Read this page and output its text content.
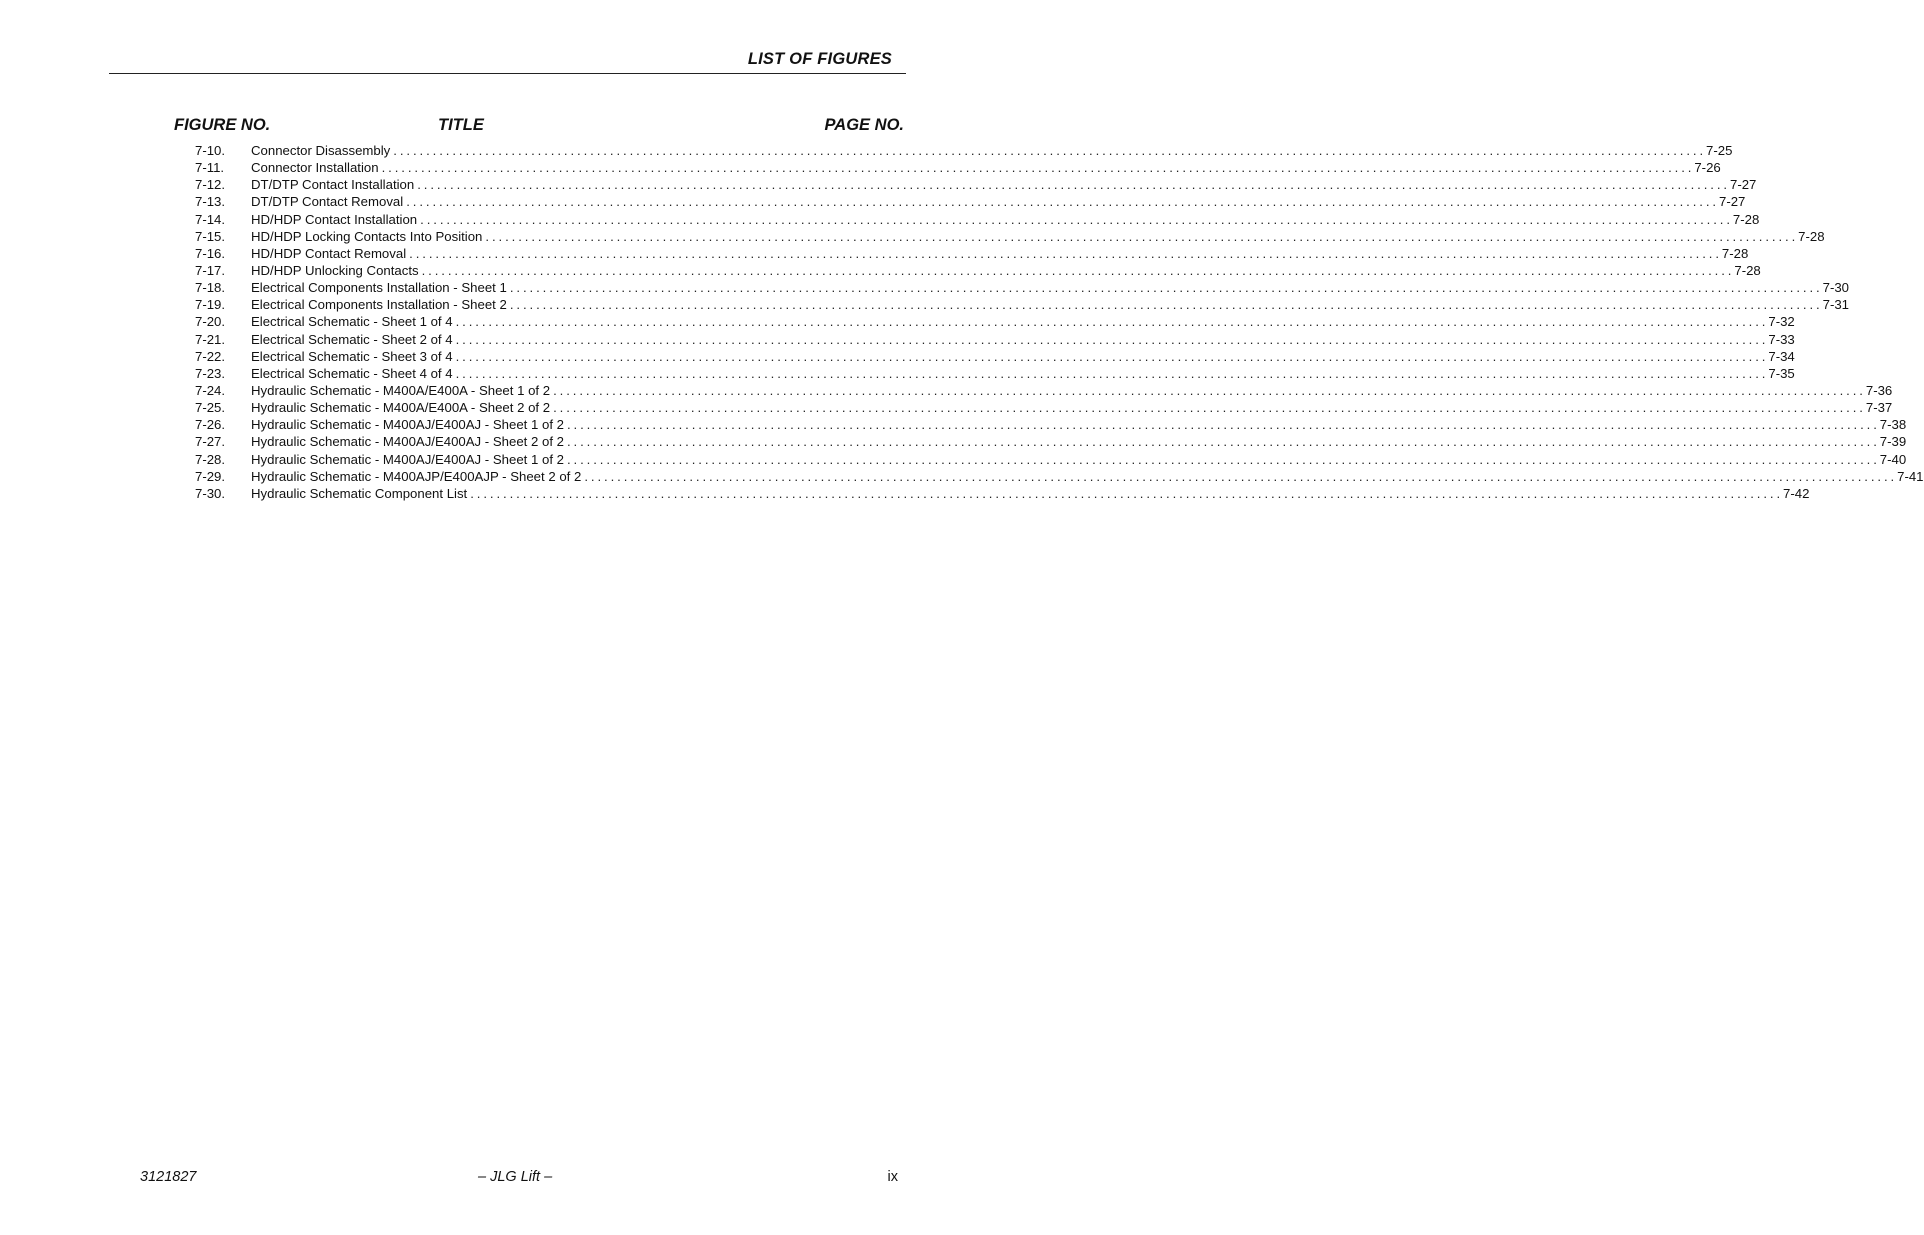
LIST OF FIGURES
FIGURE NO.	TITLE	PAGE NO.
7-10.	Connector Disassembly ........................................................................................................................................................................................................ 7-25
7-11.	Connector Installation ........................................................................................................................................................................................................ 7-26
7-12.	DT/DTP Contact Installation ........................................................................................................................................................................................................ 7-27
7-13.	DT/DTP Contact Removal ........................................................................................................................................................................................................ 7-27
7-14.	HD/HDP Contact Installation ........................................................................................................................................................................................................ 7-28
7-15.	HD/HDP Locking Contacts Into Position ........................................................................................................................................................................................................ 7-28
7-16.	HD/HDP Contact Removal ........................................................................................................................................................................................................ 7-28
7-17.	HD/HDP Unlocking Contacts ........................................................................................................................................................................................................ 7-28
7-18.	Electrical Components Installation - Sheet 1 ........................................................................................................................................................................................................ 7-30
7-19.	Electrical Components Installation - Sheet 2 ........................................................................................................................................................................................................ 7-31
7-20.	Electrical Schematic - Sheet 1 of 4 ........................................................................................................................................................................................................ 7-32
7-21.	Electrical Schematic - Sheet 2 of 4 ........................................................................................................................................................................................................ 7-33
7-22.	Electrical Schematic - Sheet 3 of 4 ........................................................................................................................................................................................................ 7-34
7-23.	Electrical Schematic - Sheet 4 of 4 ........................................................................................................................................................................................................ 7-35
7-24.	Hydraulic Schematic - M400A/E400A - Sheet 1 of 2 ........................................................................................................................................................................................................ 7-36
7-25.	Hydraulic Schematic - M400A/E400A - Sheet 2 of 2 ........................................................................................................................................................................................................ 7-37
7-26.	Hydraulic Schematic - M400AJ/E400AJ - Sheet 1 of 2 ........................................................................................................................................................................................................ 7-38
7-27.	Hydraulic Schematic - M400AJ/E400AJ - Sheet 2 of 2 ........................................................................................................................................................................................................ 7-39
7-28.	Hydraulic Schematic - M400AJ/E400AJ - Sheet 1 of 2 ........................................................................................................................................................................................................ 7-40
7-29.	Hydraulic Schematic - M400AJP/E400AJP - Sheet 2 of 2 ........................................................................................................................................................................................................ 7-41
7-30.	Hydraulic Schematic Component List ........................................................................................................................................................................................................ 7-42
3121827	– JLG Lift –	ix
